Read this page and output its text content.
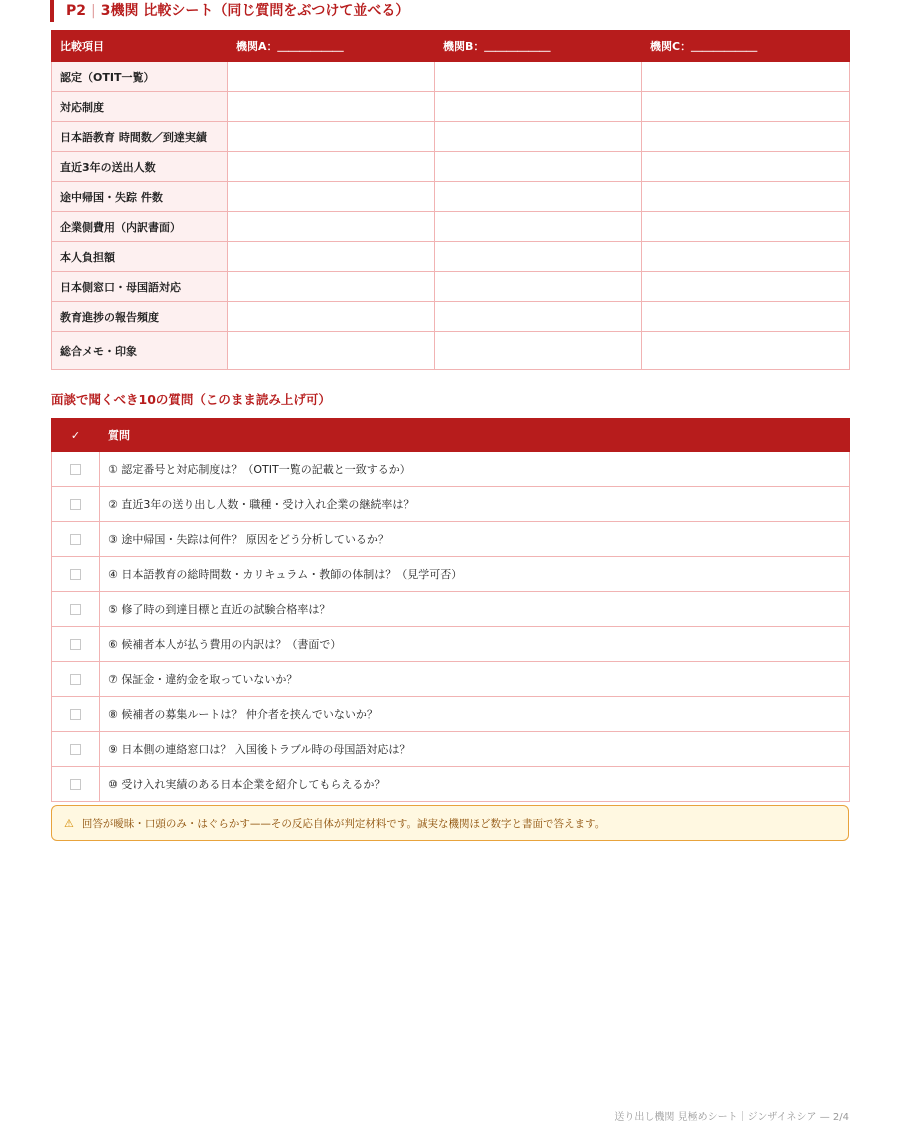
P2 | 3機関 比較シート（同じ質問をぶつけて並べる）
比較項目	機関A：＿＿＿＿＿＿	機関B：＿＿＿＿＿＿	機関C：＿＿＿＿＿＿
認定（OTIT一覧）			
対応制度			
日本語教育 時間数／到達実績			
直近3年の送出人数			
途中帰国・失踪 件数			
企業側費用（内訳書面）			
本人負担額			
日本側窓口・母国語対応			
教育進捗の報告頻度			
総合メモ・印象			
面談で聞くべき10の質問（このまま読み上げ可）
✓	質問
	① 認定番号と対応制度は？（OTIT一覧の記載と一致するか）
	② 直近3年の送り出し人数・職種・受け入れ企業の継続率は？
	③ 途中帰国・失踪は何件？ 原因をどう分析しているか？
	④ 日本語教育の総時間数・カリキュラム・教師の体制は？（見学可否）
	⑤ 修了時の到達目標と直近の試験合格率は？
	⑥ 候補者本人が払う費用の内訳は？（書面で）
	⑦ 保証金・違約金を取っていないか？
	⑧ 候補者の募集ルートは？ 仲介者を挟んでいないか？
	⑨ 日本側の連絡窓口は？ 入国後トラブル時の母国語対応は？
	⑩ 受け入れ実績のある日本企業を紹介してもらえるか？
⚠ 回答が曖昧・口頭のみ・はぐらかす——その反応自体が判定材料です。誠実な機関ほど数字と書面で答えます。
送り出し機関 見極めシート｜ジンザイネシア — 2/4
